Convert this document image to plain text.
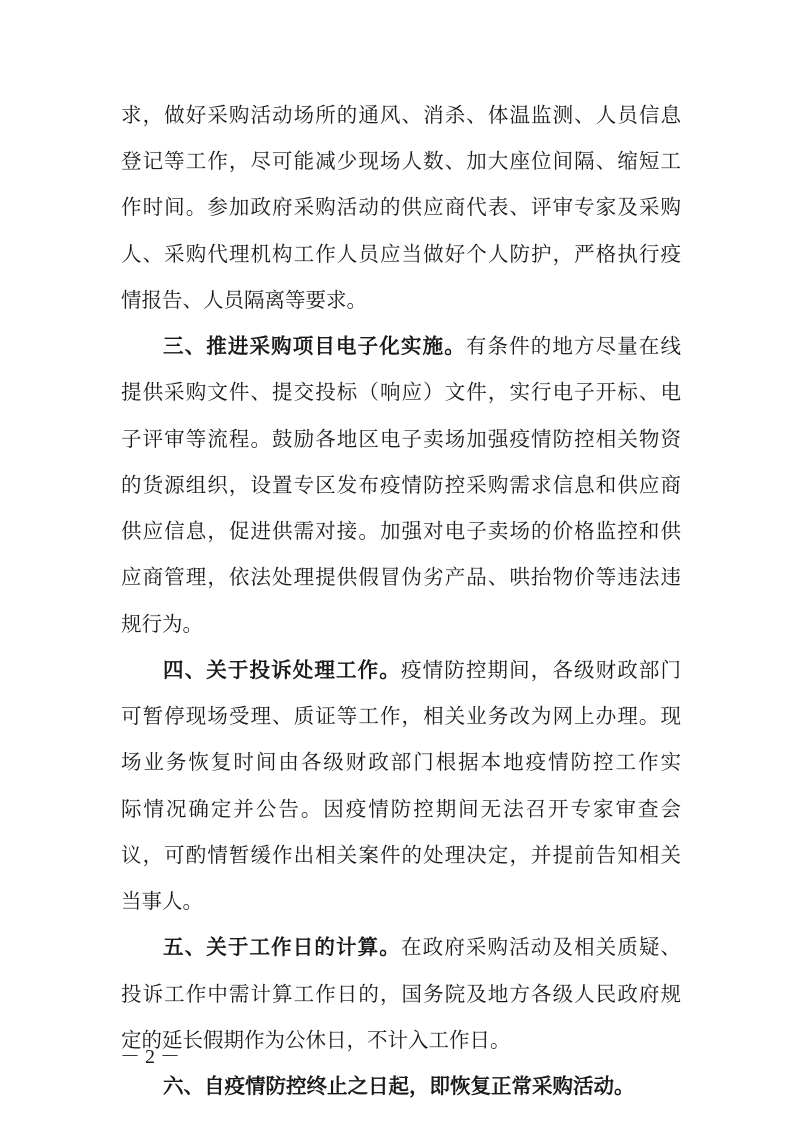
求，做好采购活动场所的通风、消杀、体温监测、人员信息
登记等工作，尽可能减少现场人数、加大座位间隔、缩短工
作时间。参加政府采购活动的供应商代表、评审专家及采购
人、采购代理机构工作人员应当做好个人防护，严格执行疫
情报告、人员隔离等要求。
三、推进采购项目电子化实施。有条件的地方尽量在线
提供采购文件、提交投标（响应）文件，实行电子开标、电
子评审等流程。鼓励各地区电子卖场加强疫情防控相关物资
的货源组织，设置专区发布疫情防控采购需求信息和供应商
供应信息，促进供需对接。加强对电子卖场的价格监控和供
应商管理，依法处理提供假冒伪劣产品、哄抬物价等违法违
规行为。
四、关于投诉处理工作。疫情防控期间，各级财政部门
可暂停现场受理、质证等工作，相关业务改为网上办理。现
场业务恢复时间由各级财政部门根据本地疫情防控工作实
际情况确定并公告。因疫情防控期间无法召开专家审查会
议，可酌情暂缓作出相关案件的处理决定，并提前告知相关
当事人。
五、关于工作日的计算。在政府采购活动及相关质疑、
投诉工作中需计算工作日的，国务院及地方各级人民政府规
定的延长假期作为公休日，不计入工作日。
六、自疫情防控终止之日起，即恢复正常采购活动。
－ 2 －
